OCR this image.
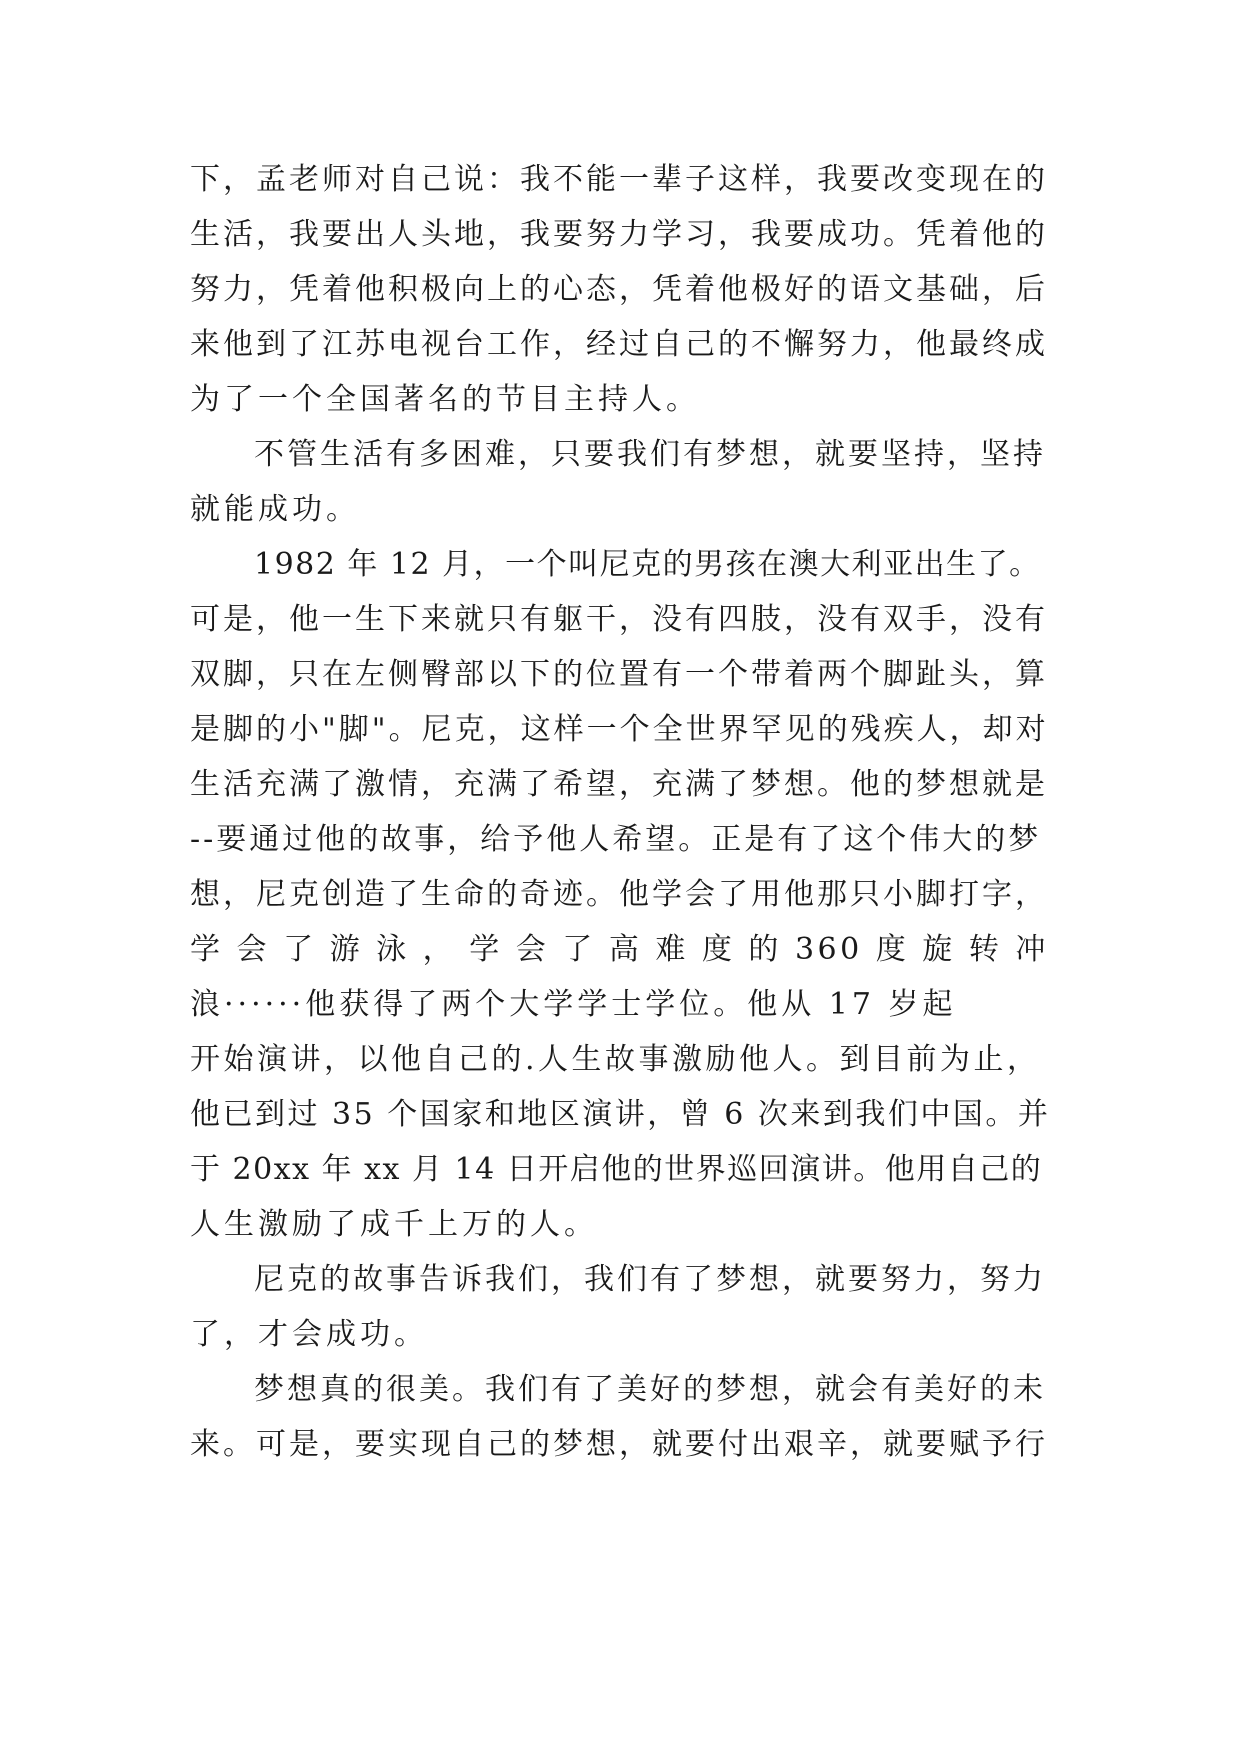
下，孟老师对自己说：我不能一辈子这样，我要改变现在的
生活，我要出人头地，我要努力学习，我要成功。凭着他的
努力，凭着他积极向上的心态，凭着他极好的语文基础，后
来他到了江苏电视台工作，经过自己的不懈努力，他最终成
为了一个全国著名的节目主持人。
不管生活有多困难，只要我们有梦想，就要坚持，坚持
就能成功。
1982 年 12 月，一个叫尼克的男孩在澳大利亚出生了。
可是，他一生下来就只有躯干，没有四肢，没有双手，没有
双脚，只在左侧臀部以下的位置有一个带着两个脚趾头，算
是脚的小"脚"。尼克，这样一个全世界罕见的残疾人，却对
生活充满了激情，充满了希望，充满了梦想。他的梦想就是
--要通过他的故事，给予他人希望。正是有了这个伟大的梦
想，尼克创造了生命的奇迹。他学会了用他那只小脚打字，
学 会 了 游 泳 ， 学 会 了 高 难 度 的 360 度 旋 转 冲
浪······他获得了两个大学学士学位。他从 17 岁起
开始演讲，以他自己的.人生故事激励他人。到目前为止，
他已到过 35 个国家和地区演讲，曾 6 次来到我们中国。并
于 20xx 年 xx 月 14 日开启他的世界巡回演讲。他用自己的
人生激励了成千上万的人。
尼克的故事告诉我们，我们有了梦想，就要努力，努力
了，才会成功。
梦想真的很美。我们有了美好的梦想，就会有美好的未
来。可是，要实现自己的梦想，就要付出艰辛，就要赋予行
